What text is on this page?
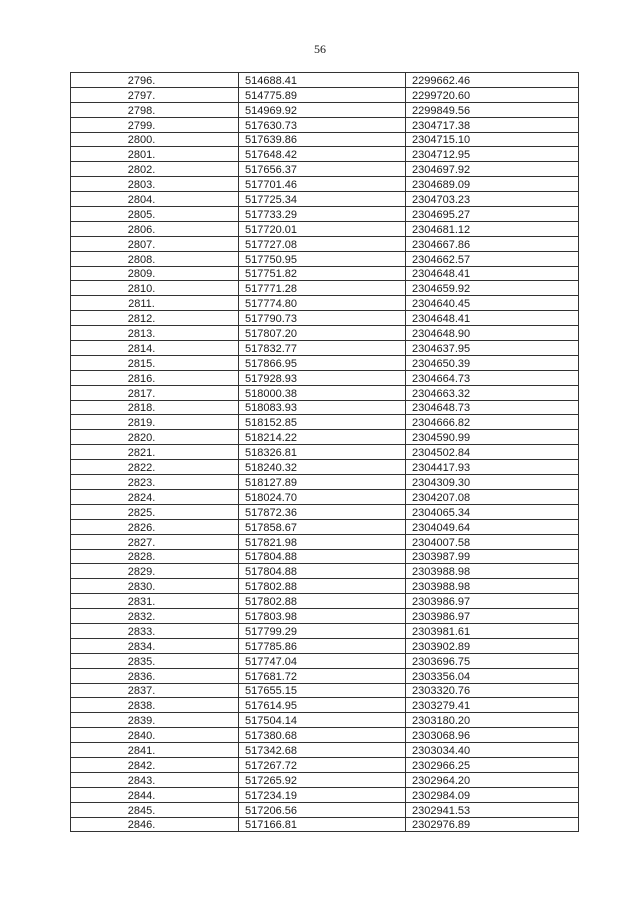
56
2796.	514688.41	2299662.46
2797.	514775.89	2299720.60
2798.	514969.92	2299849.56
2799.	517630.73	2304717.38
2800.	517639.86	2304715.10
2801.	517648.42	2304712.95
2802.	517656.37	2304697.92
2803.	517701.46	2304689.09
2804.	517725.34	2304703.23
2805.	517733.29	2304695.27
2806.	517720.01	2304681.12
2807.	517727.08	2304667.86
2808.	517750.95	2304662.57
2809.	517751.82	2304648.41
2810.	517771.28	2304659.92
2811.	517774.80	2304640.45
2812.	517790.73	2304648.41
2813.	517807.20	2304648.90
2814.	517832.77	2304637.95
2815.	517866.95	2304650.39
2816.	517928.93	2304664.73
2817.	518000.38	2304663.32
2818.	518083.93	2304648.73
2819.	518152.85	2304666.82
2820.	518214.22	2304590.99
2821.	518326.81	2304502.84
2822.	518240.32	2304417.93
2823.	518127.89	2304309.30
2824.	518024.70	2304207.08
2825.	517872.36	2304065.34
2826.	517858.67	2304049.64
2827.	517821.98	2304007.58
2828.	517804.88	2303987.99
2829.	517804.88	2303988.98
2830.	517802.88	2303988.98
2831.	517802.88	2303986.97
2832.	517803.98	2303986.97
2833.	517799.29	2303981.61
2834.	517785.86	2303902.89
2835.	517747.04	2303696.75
2836.	517681.72	2303356.04
2837.	517655.15	2303320.76
2838.	517614.95	2303279.41
2839.	517504.14	2303180.20
2840.	517380.68	2303068.96
2841.	517342.68	2303034.40
2842.	517267.72	2302966.25
2843.	517265.92	2302964.20
2844.	517234.19	2302984.09
2845.	517206.56	2302941.53
2846.	517166.81	2302976.89
